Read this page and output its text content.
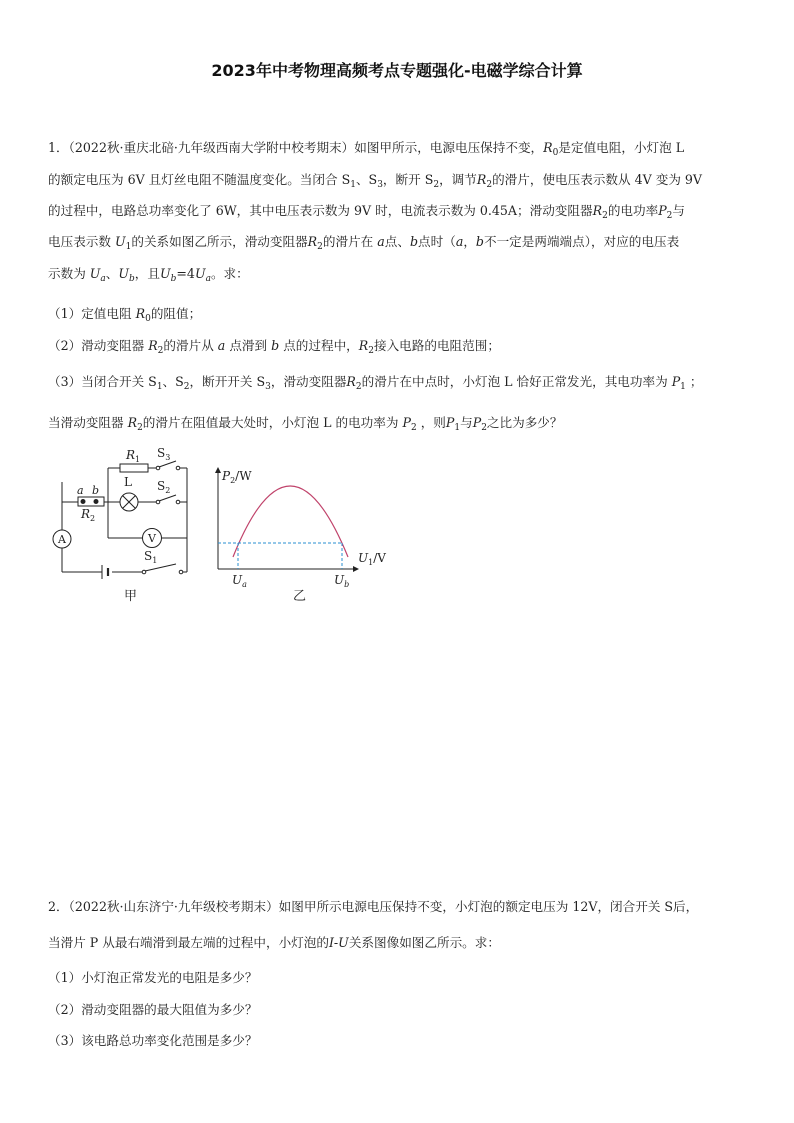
2023年中考物理高频考点专题强化-电磁学综合计算
1．（2022秋·重庆北碚·九年级西南大学附中校考期末）如图甲所示，电源电压保持不变，$R_0$是定值电阻，小灯泡 L
的额定电压为 6V 且灯丝电阻不随温度变化。当闭合 $S_1$、$S_3$，断开 $S_2$，调节$R_2$的滑片，使电压表示数从 4V 变为 9V
的过程中，电路总功率变化了 6W，其中电压表示数为 9V 时，电流表示数为 0.45A；滑动变阻器$R_2$的电功率$P_2$与
电压表示数 $U_1$的关系如图乙所示，滑动变阻器$R_2$的滑片在 a点、b点时（a，b不一定是两端端点），对应的电压表
示数为 $U_a$、$U_b$，且$U_b=4U_a$。求：
（1）定值电阻 $R_0$的阻值；
（2）滑动变阻器 $R_2$的滑片从 a 点滑到 b 点的过程中，$R_2$接入电路的电阻范围；
（3）当闭合开关 $S_1$、$S_2$，断开开关 $S_3$，滑动变阻器$R_2$的滑片在中点时，小灯泡 L 恰好正常发光，其电功率为 $P_1$ ；
当滑动变阻器 $R_2$的滑片在阻值最大处时，小灯泡 L 的电功率为 $P_2$ ，则$P_1$与$P_2$之比为多少？
A	V
$R_1$ $S_3$
L $S_2$
a b
$R_2$
$S_1$
甲
$P_2/W$
$U_1/V$
$U_a$	$U_b$
乙
2．（2022秋·山东济宁·九年级校考期末）如图甲所示电源电压保持不变，小灯泡的额定电压为 12V，闭合开关 S后，
当滑片 P 从最右端滑到最左端的过程中，小灯泡的I-U关系图像如图乙所示。求：
（1）小灯泡正常发光的电阻是多少？
（2）滑动变阻器的最大阻值为多少？
（3）该电路总功率变化范围是多少？
